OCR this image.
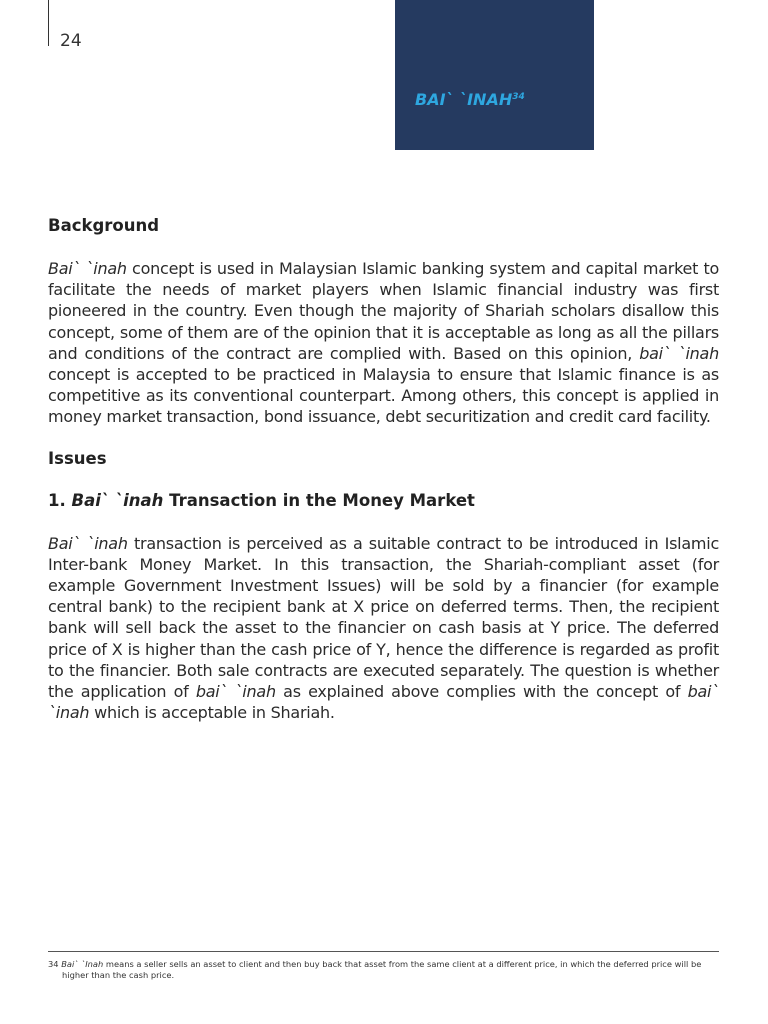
24
BAI` `INAH$^{34}$
Background

Bai` `inah concept is used in Malaysian Islamic banking system and capital market to facilitate the needs of market players when Islamic financial industry was first pioneered in the country. Even though the majority of Shariah scholars disallow this concept, some of them are of the opinion that it is acceptable as long as all the pillars and conditions of the contract are complied with. Based on this opinion, bai` `inah concept is accepted to be practiced in Malaysia to ensure that Islamic finance is as competitive as its conventional counterpart. Among others, this concept is applied in money market transaction, bond issuance, debt securitization and credit card facility.

Issues
1. Bai` `inah Transaction in the Money Market

Bai` `inah transaction is perceived as a suitable contract to be introduced in Islamic Inter-bank Money Market. In this transaction, the Shariah-compliant asset (for example Government Investment Issues) will be sold by a financier (for example central bank) to the recipient bank at X price on deferred terms. Then, the recipient bank will sell back the asset to the financier on cash basis at Y price. The deferred price of X is higher than the cash price of Y, hence the difference is regarded as profit to the financier. Both sale contracts are executed separately. The question is whether the application of bai` `inah as explained above complies with the concept of bai` `inah which is acceptable in Shariah.

34 Bai` `Inah means a seller sells an asset to client and then buy back that asset from the same client at a different price, in which the deferred price will be
higher than the cash price.
